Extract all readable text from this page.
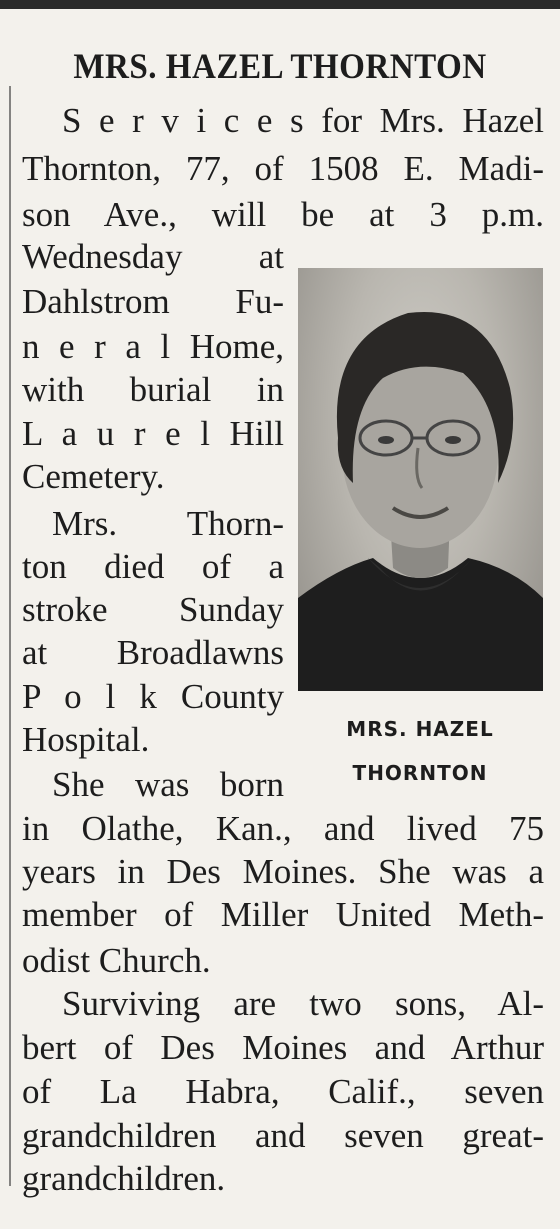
MRS. HAZEL THORNTON
S e r v i c e s for Mrs. Hazel
Thornton, 77, of 1508 E. Madi-
son Ave., will be at 3 p.m.
Wednesday at
Dahlstrom Fu-
n e r a l Home,
with burial in
L a u r e l Hill
Cemetery.
Mrs. Thorn-
ton died of a
stroke Sunday
at Broadlawns
P o l k County
Hospital.
She was born
in Olathe, Kan., and lived 75
years in Des Moines. She was a
member of Miller United Meth-
odist Church.
Surviving are two sons, Al-
bert of Des Moines and Arthur
of La Habra, Calif., seven
grandchildren and seven great-
grandchildren.
MRS. HAZEL
THORNTON
